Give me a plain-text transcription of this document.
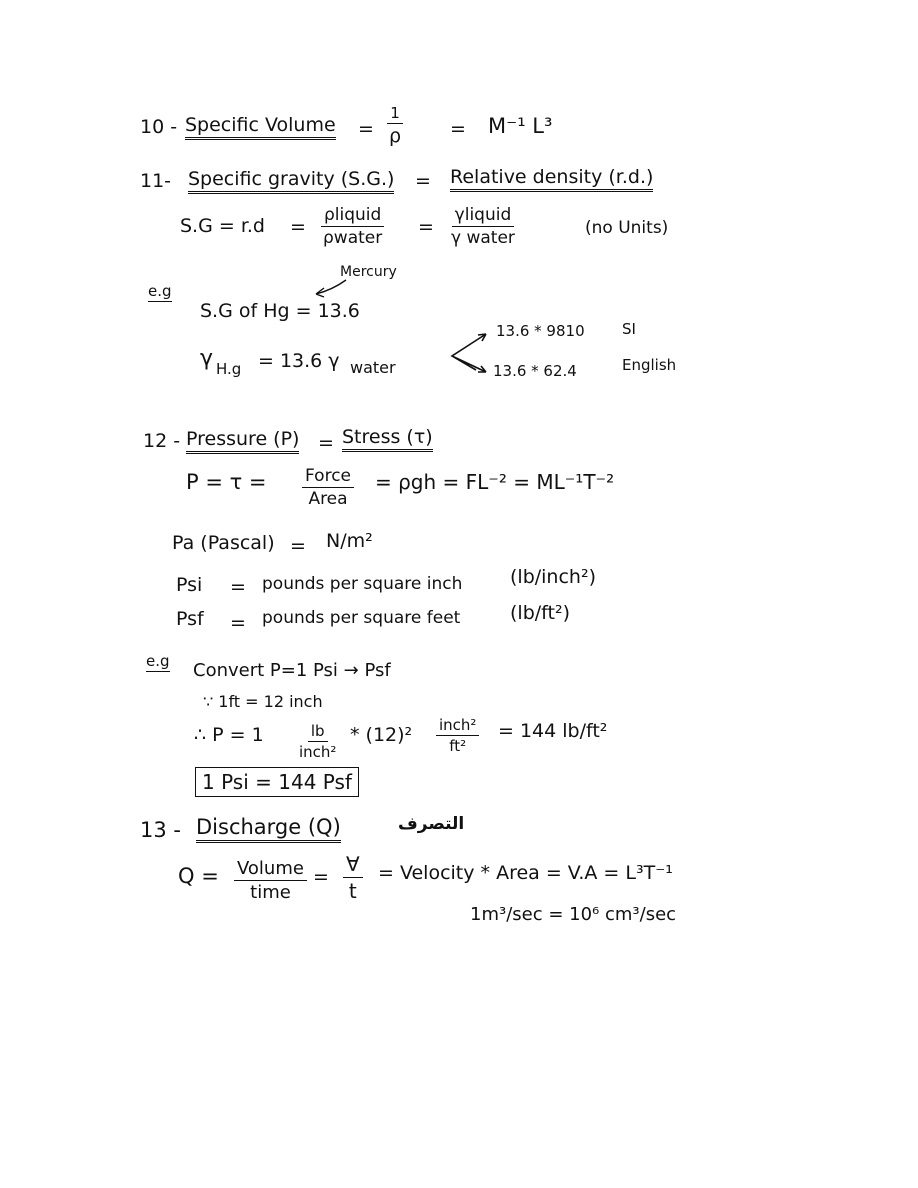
10 - Specific Volume =
1
ρ	= M⁻¹ L³
11- Specific gravity (S.G.) = Relative density (r.d.)
S.G = r.d =
ρliquid
ρwater =
γliquid
γ water	(no Units)
e.g
Mercury
S.G of Hg = 13.6
γ H.g = 13.6 γ water
13.6 * 9810 SI
13.6 * 62.4	English
12 - Pressure (P) = Stress (τ)
P = τ = Force
Area
= ρgh = FL⁻² = ML⁻¹T⁻²
Pa (Pascal) = N/m²
Psi = pounds per square inch	(lb/inch²)
Psf = pounds per square feet	(lb/ft²)
e.g Convert P=1 Psi → Psf
∵ 1ft = 12 inch
∴ P = 1	lb
inch²
* (12)² inch²
ft²
= 144 lb/ft²
1 Psi = 144 Psf
13 - Discharge (Q)	التصرف
Q = Volume
time
=
∀
t
= Velocity * Area = V.A = L³T⁻¹
1m³/sec = 10⁶ cm³/sec
